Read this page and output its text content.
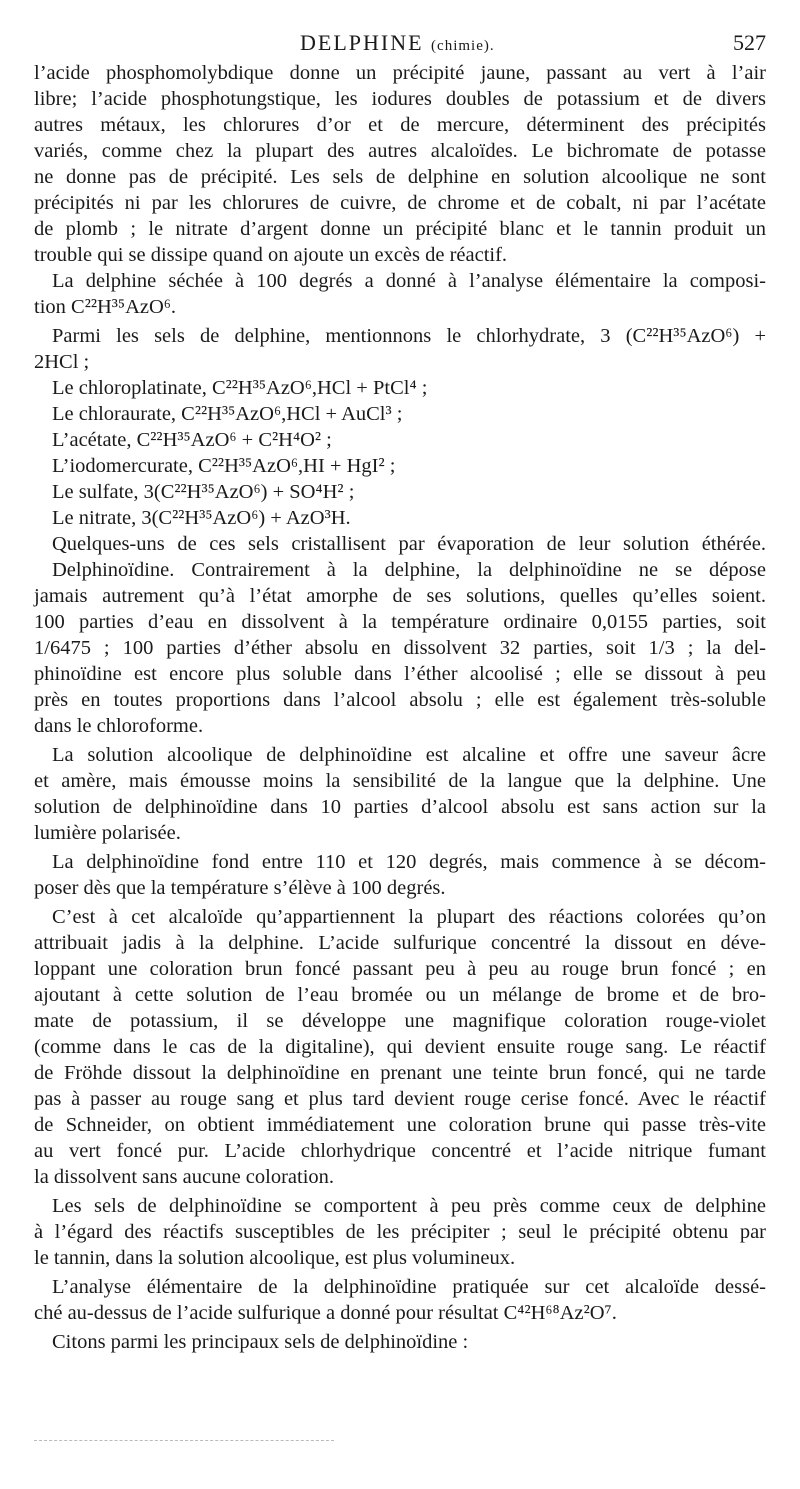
DELPHINE (chimie).	527
l’acide phosphomolybdique donne un précipité jaune, passant au vert à l’air
libre; l’acide phosphotungstique, les iodures doubles de potassium et de divers
autres métaux, les chlorures d’or et de mercure, déterminent des précipités
variés, comme chez la plupart des autres alcaloïdes. Le bichromate de potasse
ne donne pas de précipité. Les sels de delphine en solution alcoolique ne sont
précipités ni par les chlorures de cuivre, de chrome et de cobalt, ni par l’acétate
de plomb ; le nitrate d’argent donne un précipité blanc et le tannin produit un
trouble qui se dissipe quand on ajoute un excès de réactif.
La delphine séchée à 100 degrés a donné à l’analyse élémentaire la composi-
tion C²²H³⁵AzO⁶.
Parmi les sels de delphine, mentionnons le chlorhydrate, 3 (C²²H³⁵AzO⁶) +
2HCl ;
Le chloroplatinate, C²²H³⁵AzO⁶,HCl + PtCl⁴ ;
Le chloraurate, C²²H³⁵AzO⁶,HCl + AuCl³ ;
L’acétate, C²²H³⁵AzO⁶ + C²H⁴O² ;
L’iodomercurate, C²²H³⁵AzO⁶,HI + HgI² ;
Le sulfate, 3(C²²H³⁵AzO⁶) + SO⁴H² ;
Le nitrate, 3(C²²H³⁵AzO⁶) + AzO³H.
Quelques-uns de ces sels cristallisent par évaporation de leur solution éthérée.
Delphinoïdine. Contrairement à la delphine, la delphinoïdine ne se dépose
jamais autrement qu’à l’état amorphe de ses solutions, quelles qu’elles soient.
100 parties d’eau en dissolvent à la température ordinaire 0,0155 parties, soit
1/6475 ; 100 parties d’éther absolu en dissolvent 32 parties, soit 1/3 ; la del-
phinoïdine est encore plus soluble dans l’éther alcoolisé ; elle se dissout à peu
près en toutes proportions dans l’alcool absolu ; elle est également très-soluble
dans le chloroforme.
La solution alcoolique de delphinoïdine est alcaline et offre une saveur âcre
et amère, mais émousse moins la sensibilité de la langue que la delphine. Une
solution de delphinoïdine dans 10 parties d’alcool absolu est sans action sur la
lumière polarisée.
La delphinoïdine fond entre 110 et 120 degrés, mais commence à se décom-
poser dès que la température s’élève à 100 degrés.
C’est à cet alcaloïde qu’appartiennent la plupart des réactions colorées qu’on
attribuait jadis à la delphine. L’acide sulfurique concentré la dissout en déve-
loppant une coloration brun foncé passant peu à peu au rouge brun foncé ; en
ajoutant à cette solution de l’eau bromée ou un mélange de brome et de bro-
mate de potassium, il se développe une magnifique coloration rouge-violet
(comme dans le cas de la digitaline), qui devient ensuite rouge sang. Le réactif
de Fröhde dissout la delphinoïdine en prenant une teinte brun foncé, qui ne tarde
pas à passer au rouge sang et plus tard devient rouge cerise foncé. Avec le réactif
de Schneider, on obtient immédiatement une coloration brune qui passe très-vite
au vert foncé pur. L’acide chlorhydrique concentré et l’acide nitrique fumant
la dissolvent sans aucune coloration.
Les sels de delphinoïdine se comportent à peu près comme ceux de delphine
à l’égard des réactifs susceptibles de les précipiter ; seul le précipité obtenu par
le tannin, dans la solution alcoolique, est plus volumineux.
L’analyse élémentaire de la delphinoïdine pratiquée sur cet alcaloïde dessé-
ché au-dessus de l’acide sulfurique a donné pour résultat C⁴²H⁶⁸Az²O⁷.
Citons parmi les principaux sels de delphinoïdine :
